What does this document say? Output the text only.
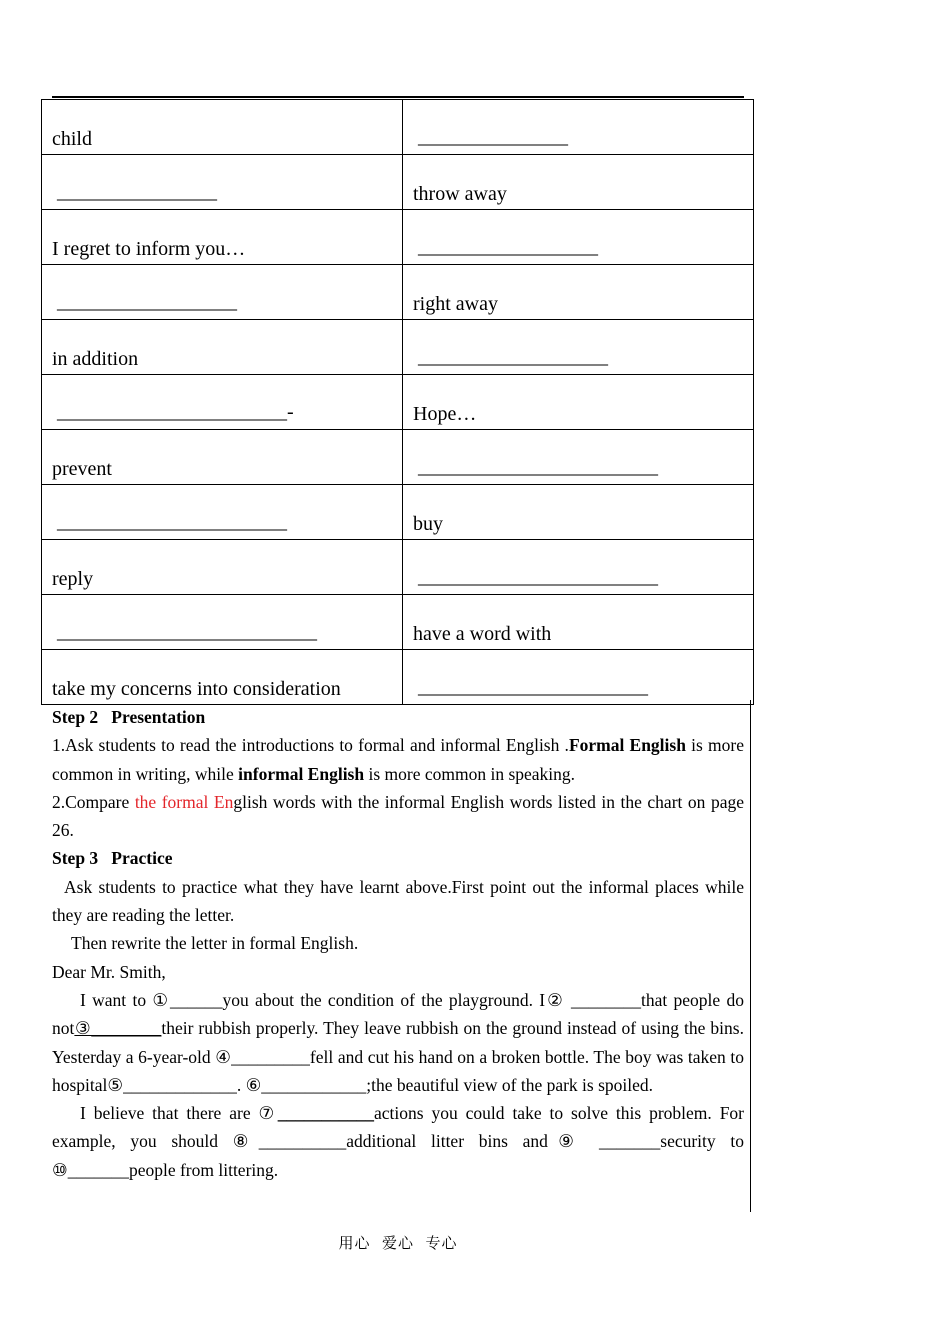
child	_______________

________________	throw away

I regret to inform you…	__________________

__________________	right away

in addition	___________________

_______________________-	Hope…

prevent	________________________

_______________________	buy

reply	________________________

__________________________	have a word with

take my concerns into consideration	_______________________

Step 2   Presentation

1.Ask students to read the introductions to formal and informal English .Formal English is more common in writing, while informal English is more common in speaking.

2.Compare the formal English words with the informal English words listed in the chart on page 26.

Step 3   Practice

Ask students to practice what they have learnt above.First point out the informal places while they are reading the letter.

Then rewrite the letter in formal English.

Dear Mr. Smith,

I want to ①______you about the condition of the playground. I② ________that people do not③________their rubbish properly. They leave rubbish on the ground instead of using the bins. Yesterday a 6-year-old ④_________fell and cut his hand on a broken bottle. The boy was taken to hospital⑤_____________. ⑥____________;the beautiful view of the park is spoiled.

I believe that there are ⑦___________actions you could take to solve this problem. For example, you should ⑧__________additional litter bins and⑨ _______security to ⑩_______people from littering.

用心  爱心  专心
